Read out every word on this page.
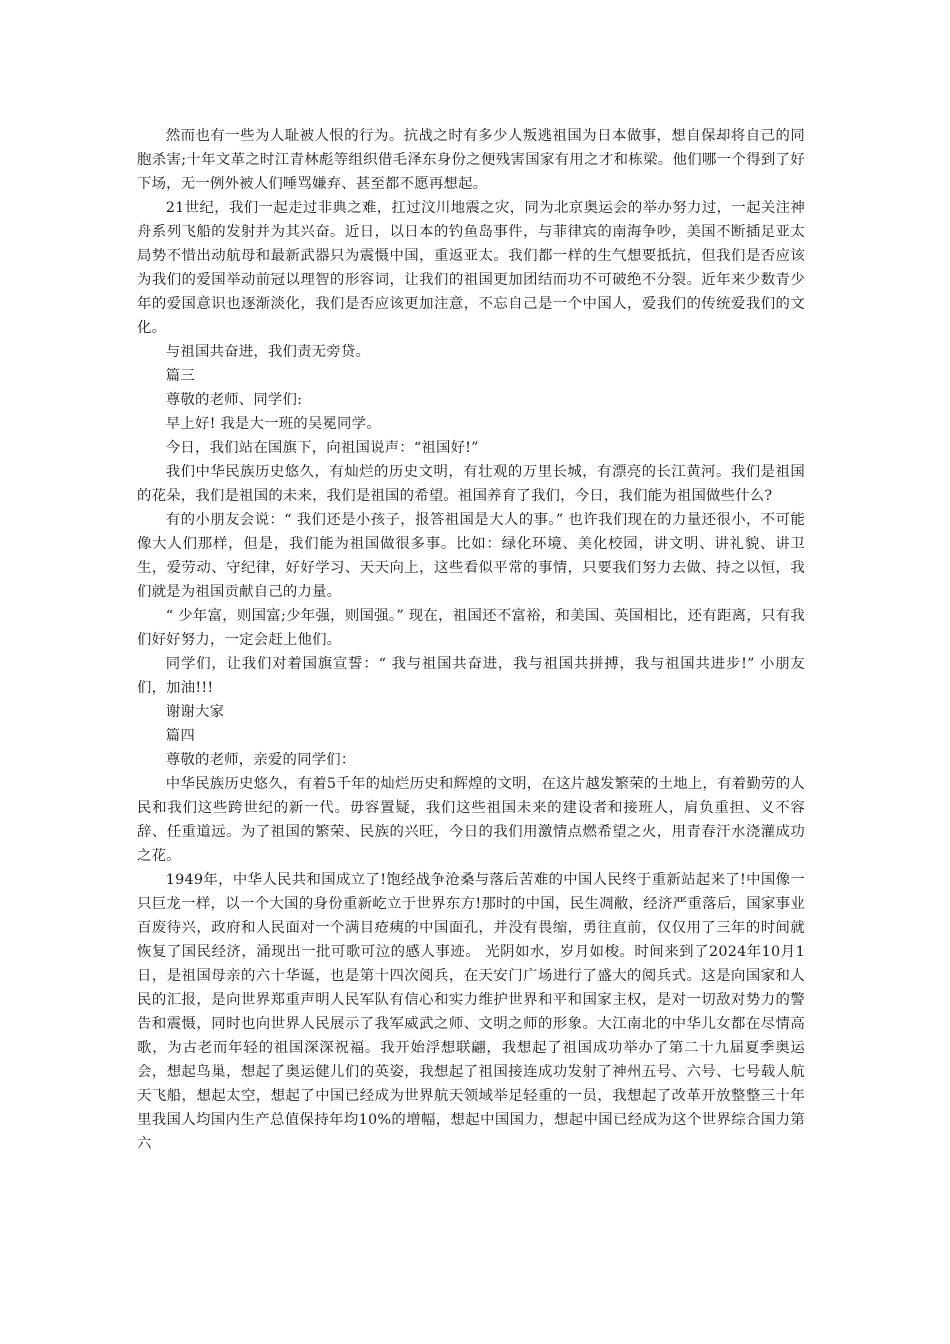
然而也有一些为人耻被人恨的行为。抗战之时有多少人叛逃祖国为日本做事，想自保却将自己的同胞杀害;十年文革之时江青林彪等组织借毛泽东身份之便残害国家有用之才和栋梁。他们哪一个得到了好下场，无一例外被人们唾骂嫌弃、甚至都不愿再想起。

21世纪，我们一起走过非典之难，扛过汶川地震之灾，同为北京奥运会的举办努力过，一起关注神舟系列飞船的发射并为其兴奋。近日，以日本的钓鱼岛事件，与菲律宾的南海争吵，美国不断插足亚太局势不惜出动航母和最新武器只为震慑中国，重返亚太。我们都一样的生气想要抵抗，但我们是否应该为我们的爱国举动前冠以理智的形容词，让我们的祖国更加团结而功不可破绝不分裂。近年来少数青少年的爱国意识也逐渐淡化，我们是否应该更加注意，不忘自己是一个中国人，爱我们的传统爱我们的文化。

与祖国共奋进，我们责无旁贷。

篇三

尊敬的老师、同学们:

早上好! 我是大一班的吴冕同学。

今日，我们站在国旗下，向祖国说声：“祖国好!”

我们中华民族历史悠久，有灿烂的历史文明，有壮观的万里长城，有漂亮的长江黄河。我们是祖国的花朵，我们是祖国的未来，我们是祖国的希望。祖国养育了我们，今日，我们能为祖国做些什么?

有的小朋友会说：“ 我们还是小孩子，报答祖国是大人的事。” 也许我们现在的力量还很小，不可能像大人们那样，但是，我们能为祖国做很多事。比如：绿化环境、美化校园，讲文明、讲礼貌、讲卫生，爱劳动、守纪律，好好学习、天天向上，这些看似平常的事情，只要我们努力去做、持之以恒，我们就是为祖国贡献自己的力量。

“ 少年富，则国富;少年强，则国强。” 现在，祖国还不富裕，和美国、英国相比，还有距离，只有我们好好努力，一定会赶上他们。

同学们，让我们对着国旗宣誓：“ 我与祖国共奋进，我与祖国共拼搏，我与祖国共进步!” 小朋友们，加油!!!

谢谢大家

篇四

尊敬的老师，亲爱的同学们：

中华民族历史悠久，有着5千年的灿烂历史和辉煌的文明，在这片越发繁荣的土地上，有着勤劳的人民和我们这些跨世纪的新一代。毋容置疑，我们这些祖国未来的建设者和接班人，肩负重担、义不容辞、任重道远。为了祖国的繁荣、民族的兴旺，今日的我们用激情点燃希望之火，用青春汗水浇灌成功之花。

1949年，中华人民共和国成立了!饱经战争沧桑与落后苦难的中国人民终于重新站起来了!中国像一只巨龙一样，以一个大国的身份重新屹立于世界东方!那时的中国，民生凋敝，经济严重落后，国家事业百废待兴，政府和人民面对一个满目疮痍的中国面孔，并没有畏缩，勇往直前，仅仅用了三年的时间就恢复了国民经济，涌现出一批可歌可泣的感人事迹。 光阴如水，岁月如梭。时间来到了2024年10月1日，是祖国母亲的六十华诞，也是第十四次阅兵，在天安门广场进行了盛大的阅兵式。这是向国家和人民的汇报，是向世界郑重声明人民军队有信心和实力维护世界和平和国家主权，是对一切敌对势力的警告和震慑，同时也向世界人民展示了我军威武之师、文明之师的形象。大江南北的中华儿女都在尽情高歌，为古老而年轻的祖国深深祝福。我开始浮想联翩，我想起了祖国成功举办了第二十九届夏季奥运会，想起鸟巢，想起了奥运健儿们的英姿，我想起了祖国接连成功发射了神州五号、六号、七号载人航天飞船，想起太空，想起了中国已经成为世界航天领域举足轻重的一员，我想起了改革开放整整三十年里我国人均国内生产总值保持年均10%的增幅，想起中国国力，想起中国已经成为这个世界综合国力第六
